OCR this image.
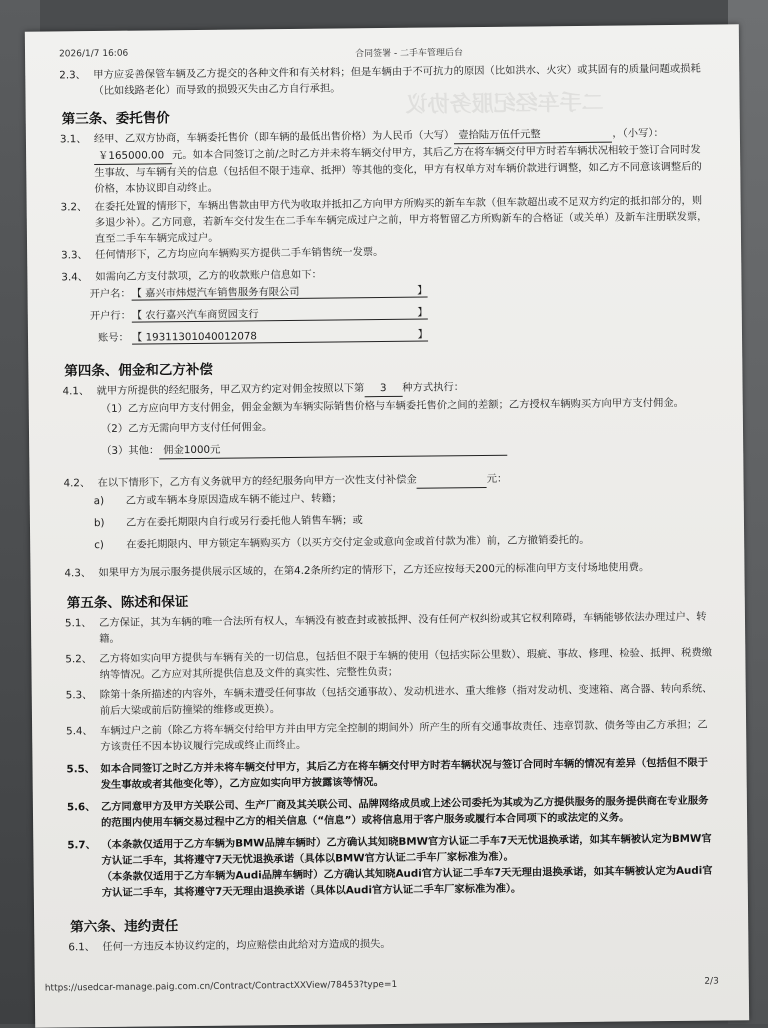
二手车经纪服务协议
2026/1/7 16:06	合同签署 - 二手车管理后台
2.3、 甲方应妥善保管车辆及乙方提交的各种文件和有关材料；但是车辆由于不可抗力的原因（比如洪水、火灾）或其固有的质量问题或损耗（比如线路老化）而导致的损毁灭失由乙方自行承担。
第三条、委托售价
3.1、 经甲、乙双方协商，车辆委托售价（即车辆的最低出售价格）为人民币（大写） 壹拾陆万伍仟元整	，（小写）：￥165000.00 元。如本合同签订之前/之时乙方并未将车辆交付甲方，其后乙方在将车辆交付甲方时若车辆状况相较于签订合同时发生事故、与车辆有关的信息（包括但不限于违章、抵押）等其他的变化，甲方有权单方对车辆价款进行调整，如乙方不同意该调整后的价格，本协议即自动终止。
3.2、 在委托处置的情形下，车辆出售款由甲方代为收取并抵扣乙方向甲方所购买的新车车款（但车款超出或不足双方约定的抵扣部分的，则多退少补）。乙方同意，若新车交付发生在二手车车辆完成过户之前，甲方将暂留乙方所购新车的合格证（或关单）及新车注册联发票，直至二手车车辆完成过户。
3.3、 任何情形下，乙方均应向车辆购买方提供二手车销售统一发票。
3.4、 如需向乙方支付款项，乙方的收款账户信息如下：
开户名： 【 嘉兴市炜煜汽车销售服务有限公司	】
开户行： 【 农行嘉兴汽车商贸园支行	】
账号： 【 19311301040012078	】
第四条、佣金和乙方补偿
4.1、 就甲方所提供的经纪服务，甲乙双方约定对佣金按照以下第 3 种方式执行：
（1）乙方应向甲方支付佣金，佣金金额为车辆实际销售价格与车辆委托售价之间的差额；乙方授权车辆购买方向甲方支付佣金。
（2）乙方无需向甲方支付任何佣金。
（3）其他： 佣金1000元
4.2、 在以下情形下，乙方有义务就甲方的经纪服务向甲方一次性支付补偿金	元：
a) 乙方或车辆本身原因造成车辆不能过户、转籍；
b) 乙方在委托期限内自行或另行委托他人销售车辆；或
c) 在委托期限内、甲方锁定车辆购买方（以买方交付定金或意向金或首付款为准）前，乙方撤销委托的。
4.3、 如果甲方为展示服务提供展示区域的，在第4.2条所约定的情形下，乙方还应按每天200元的标准向甲方支付场地使用费。
第五条、陈述和保证
5.1、 乙方保证，其为车辆的唯一合法所有权人，车辆没有被查封或被抵押、没有任何产权纠纷或其它权利障碍，车辆能够依法办理过户、转籍。
5.2、 乙方将如实向甲方提供与车辆有关的一切信息，包括但不限于车辆的使用（包括实际公里数）、瑕疵、事故、修理、检验、抵押、税费缴纳等情况。乙方应对其所提供信息及文件的真实性、完整性负责；
5.3、 除第十条所描述的内容外，车辆未遭受任何事故（包括交通事故）、发动机进水、重大维修（指对发动机、变速箱、离合器、转向系统、前后大梁或前后防撞梁的维修或更换）。
5.4、 车辆过户之前（除乙方将车辆交付给甲方并由甲方完全控制的期间外）所产生的所有交通事故责任、违章罚款、债务等由乙方承担；乙方该责任不因本协议履行完成或终止而终止。
5.5、 如本合同签订之时乙方并未将车辆交付甲方，其后乙方在将车辆交付甲方时若车辆状况与签订合同时车辆的情况有差异（包括但不限于发生事故或者其他变化等），乙方应如实向甲方披露该等情况。
5.6、 乙方同意甲方及甲方关联公司、生产厂商及其关联公司、品牌网络成员或上述公司委托为其或为乙方提供服务的服务提供商在专业服务的范围内使用车辆交易过程中乙方的相关信息（“信息”）或将信息用于客户服务或履行本合同项下的或法定的义务。
5.7、 （本条款仅适用于乙方车辆为BMW品牌车辆时）乙方确认其知晓BMW官方认证二手车7天无忧退换承诺，如其车辆被认定为BMW官方认证二手车，其将遵守7天无忧退换承诺（具体以BMW官方认证二手车厂家标准为准）。
（本条款仅适用于乙方车辆为Audi品牌车辆时）乙方确认其知晓Audi官方认证二手车7天无理由退换承诺，如其车辆被认定为Audi官方认证二手车，其将遵守7天无理由退换承诺（具体以Audi官方认证二手车厂家标准为准）。
第六条、违约责任
6.1、 任何一方违反本协议约定的，均应赔偿由此给对方造成的损失。
https://usedcar-manage.paig.com.cn/Contract/ContractXXView/78453?type=1	2/3
